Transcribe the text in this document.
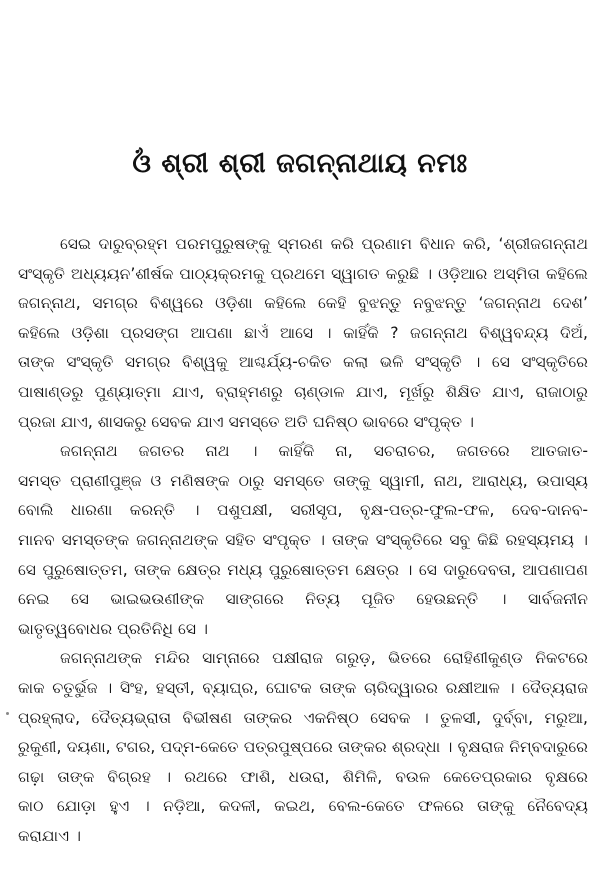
ଓଁ ଶ୍ରୀ ଶ୍ରୀ ଜଗନ୍ନାଥାୟ ନମଃ
ସେଇ ଦାରୁବ୍ରହ୍ମ ପରମପୁରୁଷଙ୍କୁ ସ୍ମରଣ କରି ପ୍ରଣାମ ବିଧାନ କରି, ‘ଶ୍ରୀଜଗନ୍ନାଥ
ସଂସ୍କୃତି ଅଧ୍ୟୟନ’ଶୀର୍ଷକ ପାଠ୍ୟକ୍ରମକୁ ପ୍ରଥମେ ସ୍ୱାଗତ କରୁଛି । ଓଡ଼ିଆର ଅସ୍ମିତା କହିଲେ
ଜଗନ୍ନାଥ, ସମଗ୍ର ବିଶ୍ୱରେ ଓଡ଼ିଶା କହିଲେ କେହି ବୁଝନ୍ତୁ ନବୁଝନ୍ତୁ ‘ଜଗନ୍ନାଥ ଦେଶ’
କହିଲେ ଓଡ଼ିଶା ପ୍ରସଙ୍ଗ ଆପଣା ଛାଏଁ ଆସେ । କାହିଁକି ? ଜଗନ୍ନାଥ ବିଶ୍ୱବନ୍ଦ୍ୟ ଦିଅଁ,
ତାଙ୍କ ସଂସ୍କୃତି ସମଗ୍ର ବିଶ୍ୱକୁ ଆଶ୍ଚର୍ଯ୍ୟ-ଚକିତ କଲା ଭଳି ସଂସ୍କୃତି । ସେ ସଂସ୍କୃତିରେ
ପାଷାଣ୍ଡରୁ ପୁଣ୍ୟାତ୍ମା ଯାଏ, ବ୍ରାହ୍ମଣରୁ ଚାଣ୍ଡାଳ ଯାଏ, ମୂର୍ଖରୁ ଶିକ୍ଷିତ ଯାଏ, ରାଜାଠାରୁ
ପ୍ରଜା ଯାଏ, ଶାସକରୁ ସେବକ ଯାଏ ସମସ୍ତେ ଅତି ଘନିଷ୍ଠ ଭାବରେ ସଂପୃକ୍ତ ।
ଜଗନ୍ନାଥ ଜଗତର ନାଥ । କାହିଁକି ନା, ସଚରାଚର, ଜଗତରେ ଆତଜାତ-
ସମସ୍ତ ପ୍ରାଣୀପୁଞ୍ଜ ଓ ମଣିଷଙ୍କ ଠାରୁ ସମସ୍ତେ ତାଙ୍କୁ ସ୍ୱାମୀ, ନାଥ, ଆରାଧ୍ୟ, ଉପାସ୍ୟ
ବୋଲି ଧାରଣା କରନ୍ତି । ପଶୁପକ୍ଷୀ, ସରୀସୃପ, ବୃକ୍ଷ-ପତ୍ର-ଫୁଲ-ଫଳ, ଦେବ-ଦାନବ-
ମାନବ ସମସ୍ତଙ୍କ ଜଗନ୍ନାଥଙ୍କ ସହିତ ସଂପୃକ୍ତ । ତାଙ୍କ ସଂସ୍କୃତିରେ ସବୁ କିଛି ରହସ୍ୟମୟ ।
ସେ ପୁରୁଷୋତ୍ତମ, ତାଙ୍କ କ୍ଷେତ୍ର ମଧ୍ୟ ପୁରୁଷୋତ୍ତମ କ୍ଷେତ୍ର । ସେ ଦାରୁଦେବତା, ଆପଣାପଣ
ନେଇ ସେ ଭାଇଭଉଣୀଙ୍କ ସାଙ୍ଗରେ ନିତ୍ୟ ପୂଜିତ ହେଉଛନ୍ତି । ସାର୍ବଜନୀନ
ଭାତୃତ୍ୱବୋଧର ପ୍ରତିନିଧି ସେ ।
ଜଗନ୍ନାଥଙ୍କ ମନ୍ଦିର ସାମ୍ନାରେ ପକ୍ଷୀରାଜ ଗରୁଡ଼, ଭିତରେ ରୋହିଣୀକୁଣ୍ଡ ନିକଟରେ
କାକ ଚତୁର୍ଭୁଜ । ସିଂହ, ହସ୍ତୀ, ବ୍ୟାଘ୍ର, ଘୋଟକ ତାଙ୍କ ଚାରିଦ୍ୱାରର ରକ୍ଷୀଆଳ । ଦୈତ୍ୟରାଜ
ପ୍ରହ୍ଲାଦ, ଦୈତ୍ୟଭ୍ରାତା ବିଭୀଷଣ ତାଙ୍କର ଏକନିଷ୍ଠ ସେବକ । ତୁଳସୀ, ଦୁର୍ବ୍ବା, ମରୁଆ,
ରୁକୁଣୀ, ଦୟଣା, ଟଗର, ପଦ୍ମ-କେତେ ପତ୍ରପୁଷ୍ପରେ ତାଙ୍କର ଶ୍ରଦ୍ଧା । ବୃକ୍ଷରାଜ ନିମ୍ବଦାରୁରେ
ଗଢ଼ା ତାଙ୍କ ବିଗ୍ରହ । ରଥରେ ଫାଶି, ଧଉରା, ଶିମିଳି, ବଉଳ କେତେପ୍ରକାର ବୃକ୍ଷରେ
କାଠ ଯୋଡ଼ା ହୁଏ । ନଡ଼ିଆ, କଦଳୀ, କଇଥ, ବେଲ-କେତେ ଫଳରେ ତାଙ୍କୁ ନୈବେଦ୍ୟ
କରାଯାଏ ।
